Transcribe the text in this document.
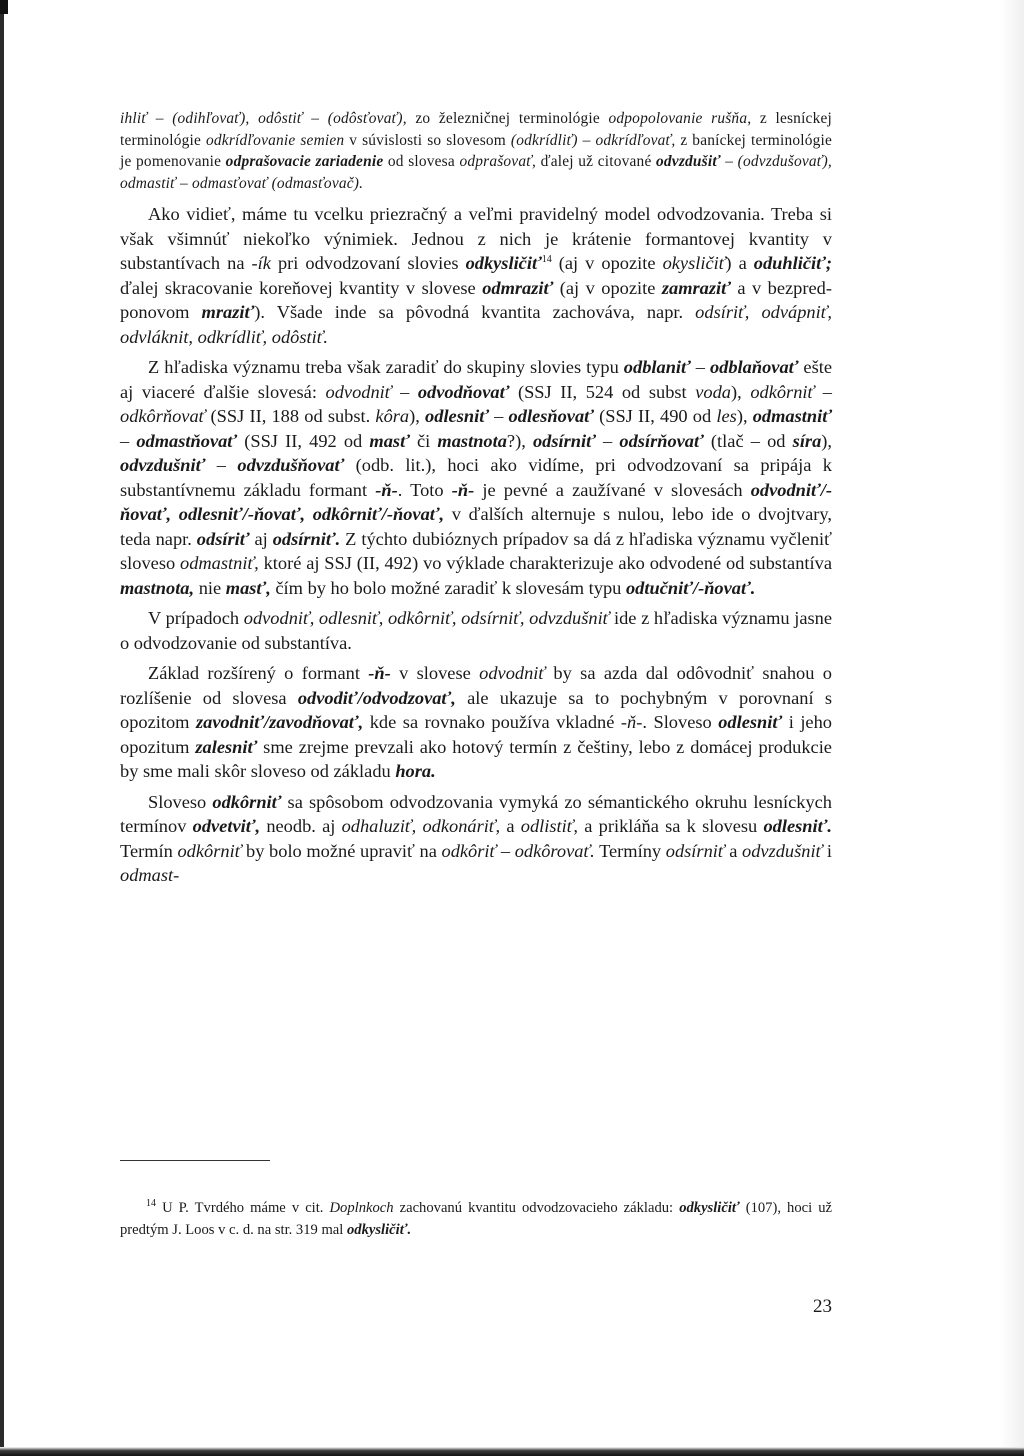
ihliť – (odihľovať), odôstiť – (odôsťovať), zo železničnej terminológie odpopolovanie rušňa, z lesníckej terminológie odkrídľovanie semien v súvislosti so slovesom (odkrídliť) – odkrídľovať, z baníckej terminológie je pomenovanie odprašovacie zariadenie od slovesa odprašovať, ďalej už citované odvzdušiť – (odvzdušovať), odmastiť – odmasťovať (odmasťovač).

Ako vidieť, máme tu vcelku priezračný a veľmi pravidelný model odvodzovania. Treba si však všimnúť niekoľko výnimiek. Jednou z nich je krátenie formantovej kvantity v substantívach na -ík pri odvodzovaní slovies odkysličiť$^{14}$ (aj v opozite okysličiť) a oduhličiť; ďalej skracovanie koreňovej kvantity v slovese odmraziť (aj v opozite zamraziť a v bezpredponovom mraziť). Všade inde sa pôvodná kvantita zachováva, napr. odsíriť, odvápniť, odvláknit, odkrídliť, odôstiť.

Z hľadiska významu treba však zaradiť do skupiny slovies typu odblaniť – odblaňovať ešte aj viaceré ďalšie slovesá: odvodniť – odvodňovať (SSJ II, 524 od subst voda), odkôrniť – odkôrňovať (SSJ II, 188 od subst. kôra), odlesniť – odlesňovať (SSJ II, 490 od les), odmastniť – odmastňovať (SSJ II, 492 od masť či mastnota?), odsírniť – odsírňovať (tlač – od síra), odvzdušniť – odvzdušňovať (odb. lit.), hoci ako vidíme, pri odvodzovaní sa pripája k substantívnemu základu formant -ň-. Toto -ň- je pevné a zaužívané v slovesách odvodniť/-ňovať, odlesniť/-ňovať, odkôrniť/-ňovať, v ďalších alternuje s nulou, lebo ide o dvojtvary, teda napr. odsíriť aj odsírniť. Z týchto dubióznych prípadov sa dá z hľadiska významu vyčleniť sloveso odmastniť, ktoré aj SSJ (II, 492) vo výklade charakterizuje ako odvodené od substantíva mastnota, nie masť, čím by ho bolo možné zaradiť k slovesám typu odtučniť/-ňovať.

V prípadoch odvodniť, odlesniť, odkôrniť, odsírniť, odvzdušniť ide z hľadiska významu jasne o odvodzovanie od substantíva.

Základ rozšírený o formant -ň- v slovese odvodniť by sa azda dal odôvodniť snahou o rozlíšenie od slovesa odvodiť/odvodzovať, ale ukazuje sa to pochybným v porovnaní s opozitom zavodniť/zavodňovať, kde sa rovnako používa vkladné -ň-. Sloveso odlesniť i jeho opozitum zalesniť sme zrejme prevzali ako hotový termín z češtiny, lebo z domácej produkcie by sme mali skôr sloveso od základu hora.

Sloveso odkôrniť sa spôsobom odvodzovania vymyká zo sémantického okruhu lesníckych termínov odvetviť, neodb. aj odhaluziť, odkonáriť, a odlistiť, a prikláňa sa k slovesu odlesniť. Termín odkôrniť by bolo možné upraviť na odkôriť – odkôrovať. Termíny odsírniť a odvzdušniť i odmast-

$^{14}$ U P. Tvrdého máme v cit. Doplnkoch zachovanú kvantitu odvodzovacieho základu: odkysličiť (107), hoci už predtým J. Loos v c. d. na str. 319 mal odkysličiť.
23
